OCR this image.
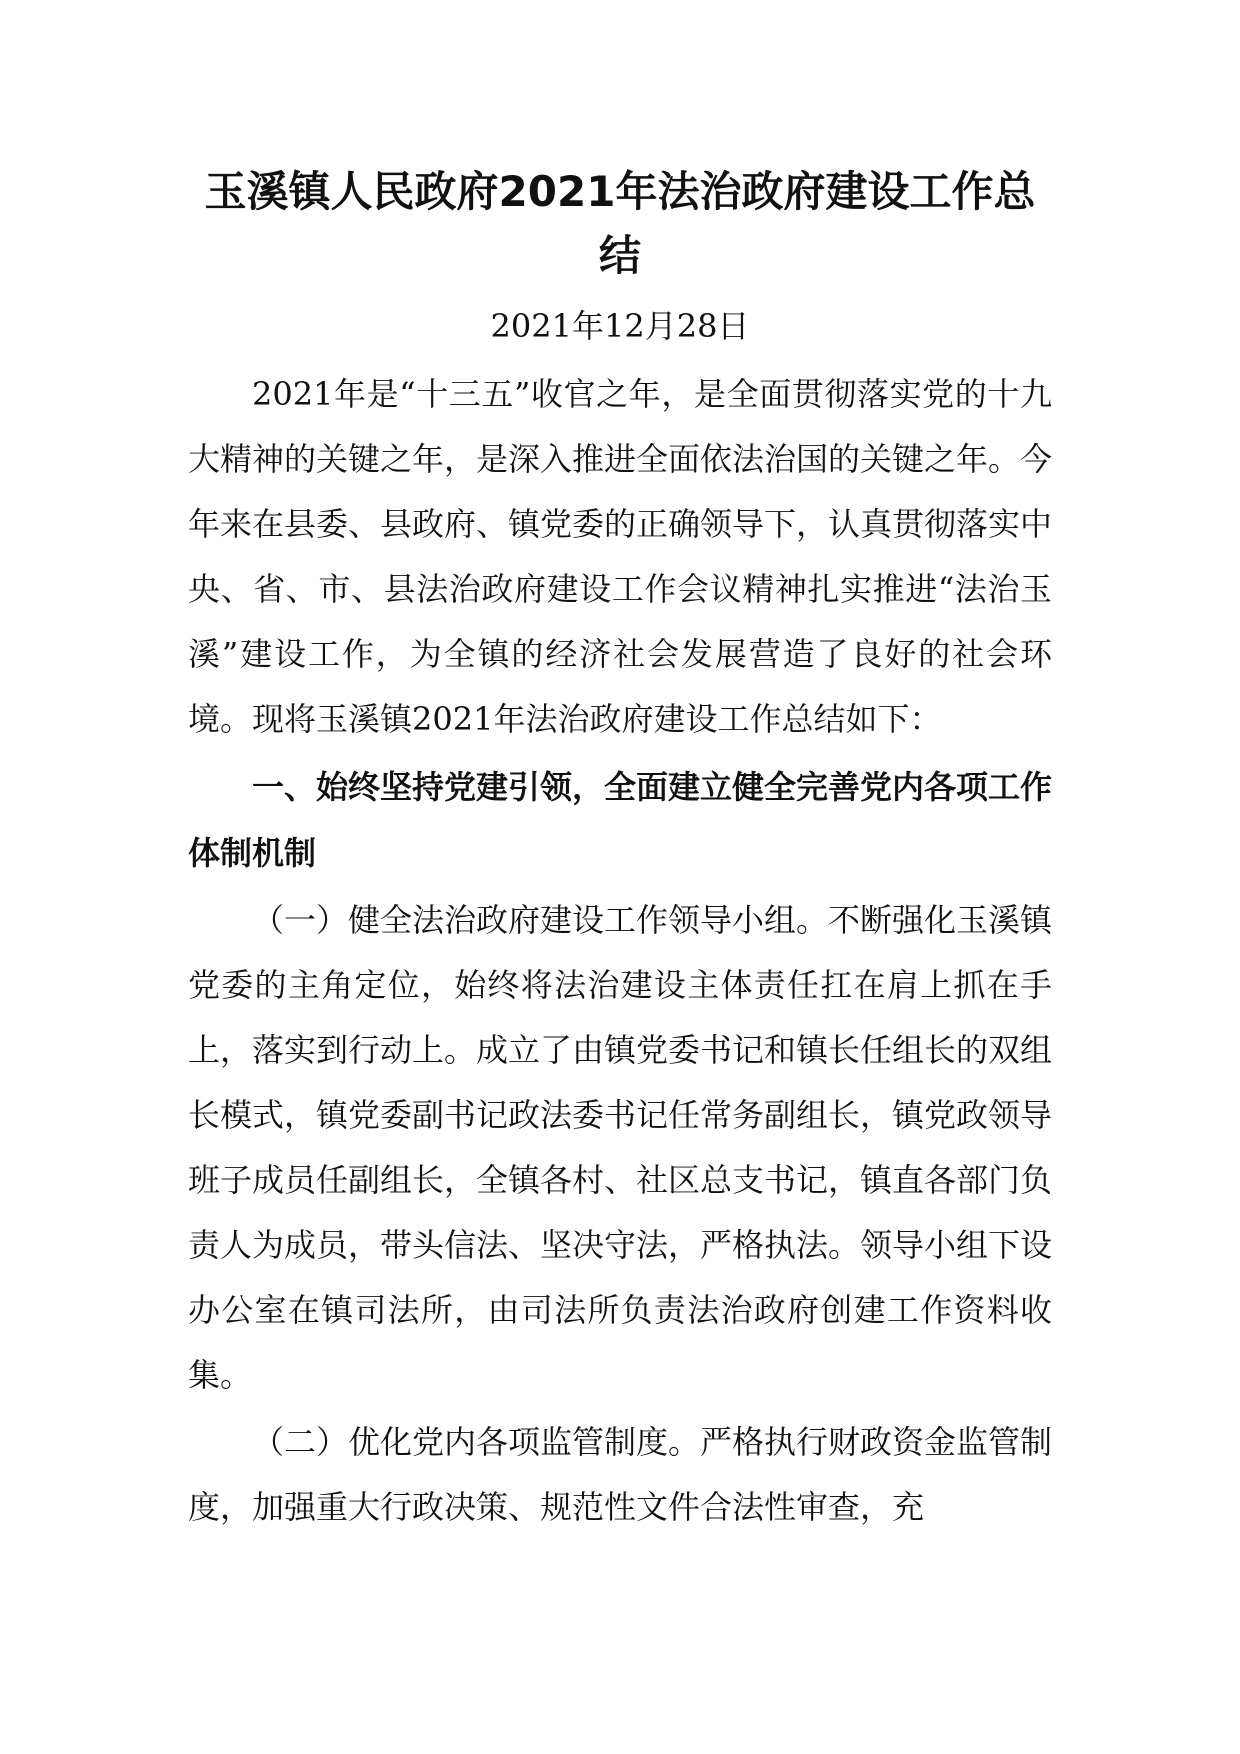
玉溪镇人民政府2021年法治政府建设工作总结

2021年12月28日

2021年是“十三五”收官之年，是全面贯彻落实党的十九大精神的关键之年，是深入推进全面依法治国的关键之年。今年来在县委、县政府、镇党委的正确领导下，认真贯彻落实中央、省、市、县法治政府建设工作会议精神扎实推进“法治玉溪”建设工作，为全镇的经济社会发展营造了良好的社会环境。现将玉溪镇2021年法治政府建设工作总结如下：

一、始终坚持党建引领，全面建立健全完善党内各项工作体制机制

（一）健全法治政府建设工作领导小组。不断强化玉溪镇党委的主角定位，始终将法治建设主体责任扛在肩上抓在手上，落实到行动上。成立了由镇党委书记和镇长任组长的双组长模式，镇党委副书记政法委书记任常务副组长，镇党政领导班子成员任副组长，全镇各村、社区总支书记，镇直各部门负责人为成员，带头信法、坚决守法，严格执法。领导小组下设办公室在镇司法所，由司法所负责法治政府创建工作资料收集。

（二）优化党内各项监管制度。严格执行财政资金监管制度，加强重大行政决策、规范性文件合法性审查，充
